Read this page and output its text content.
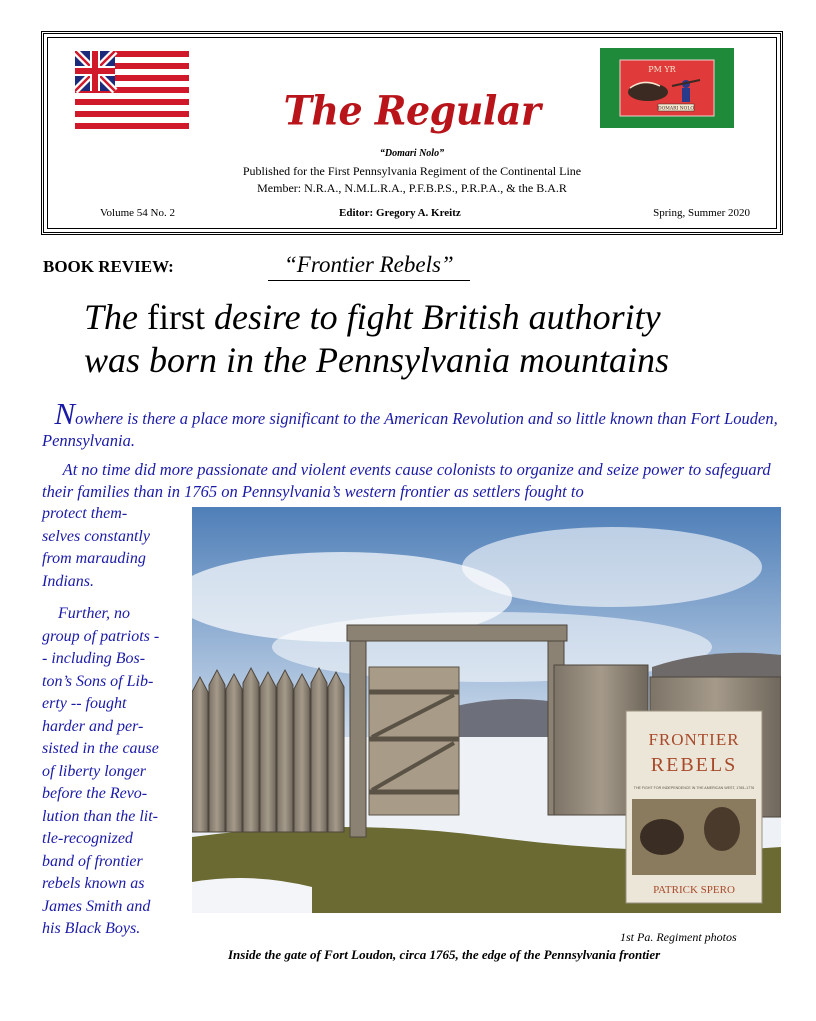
PM YR
DOMARI NOLO
The Regular
“Domari Nolo”
Published for the First Pennsylvania Regiment of the Continental Line
Member: N.R.A., N.M.L.R.A., P.F.B.P.S., P.R.P.A., & the B.A.R
Volume 54 No. 2	Editor: Gregory A. Kreitz	Spring, Summer 2020
BOOK REVIEW:	“Frontier Rebels”
The first desire to fight British authority
was born in the Pennsylvania mountains
Nowhere is there a place more significant to the American Revolution and so little known than Fort Louden, Pennsylvania.
At no time did more passionate and violent events cause colonists to organize and seize power to safeguard their families than in 1765 on Pennsylvania’s western frontier as settlers fought to
protect them-
selves constantly
from marauding
Indians.
Further, no
group of patriots -
- including Bos-
ton’s Sons of Lib-
erty -- fought
harder and per-
sisted in the cause
of liberty longer
before the Revo-
lution than the lit-
tle-recognized
band of frontier
rebels known as
James Smith and
his Black Boys.
FRONTIER
REBELS
THE FIGHT FOR INDEPENDENCE IN THE AMERICAN WEST, 1765–1776
PATRICK SPERO
1st Pa. Regiment photos
Inside the gate of Fort Loudon, circa 1765, the edge of the Pennsylvania frontier
